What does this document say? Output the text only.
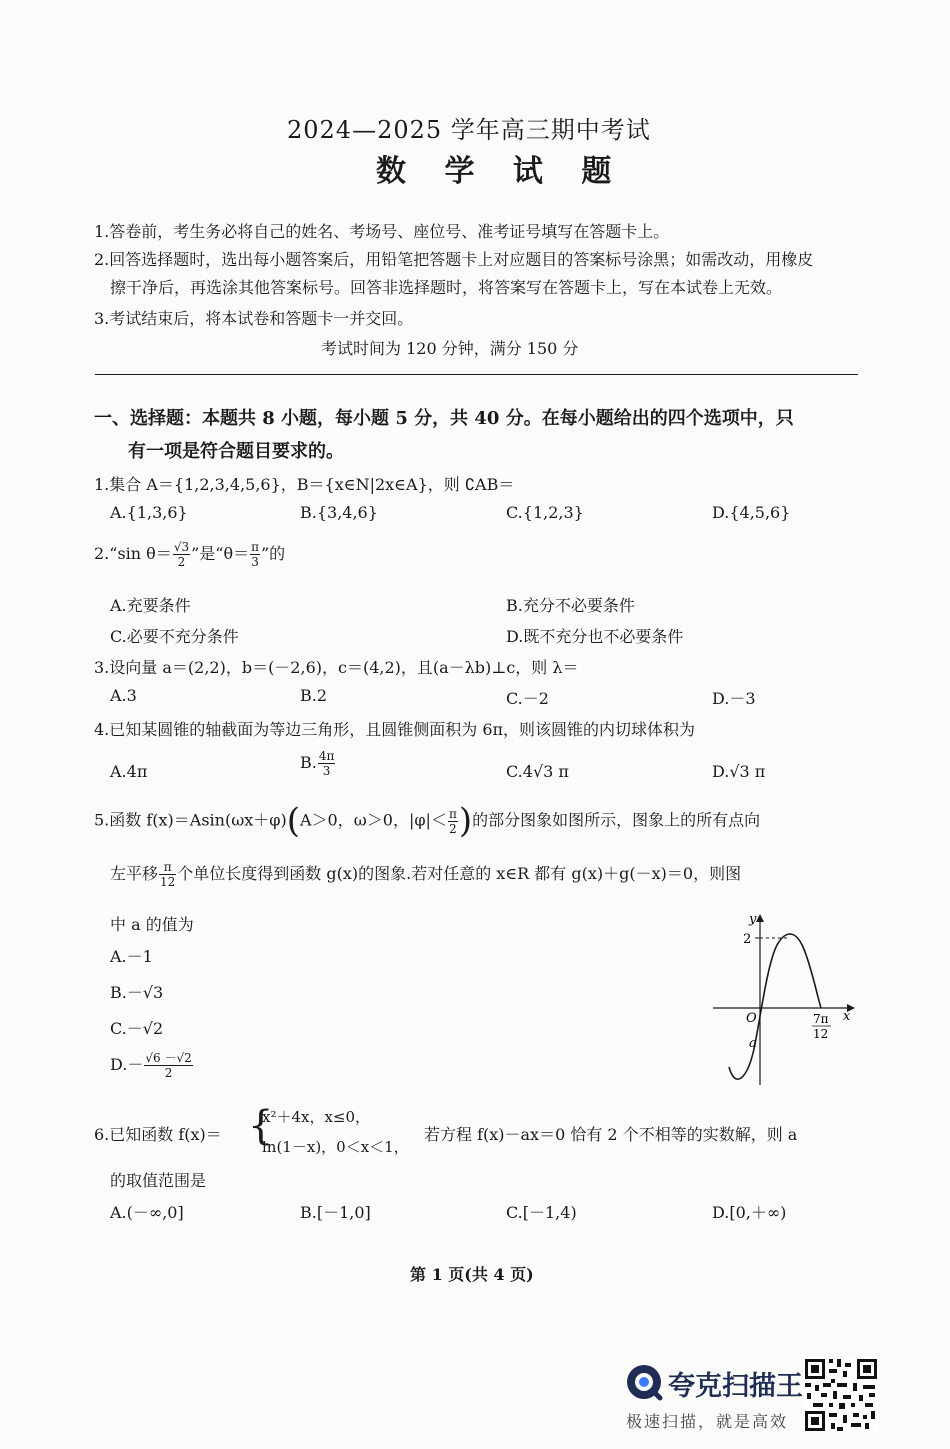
2024—2025 学年高三期中考试
数 学 试 题
1.答卷前，考生务必将自己的姓名、考场号、座位号、准考证号填写在答题卡上。
2.回答选择题时，选出每小题答案后，用铅笔把答题卡上对应题目的答案标号涂黑；如需改动，用橡皮
擦干净后，再选涂其他答案标号。回答非选择题时，将答案写在答题卡上，写在本试卷上无效。
3.考试结束后，将本试卷和答题卡一并交回。
考试时间为 120 分钟，满分 150 分
一、选择题：本题共 8 小题，每小题 5 分，共 40 分。在每小题给出的四个选项中，只
有一项是符合题目要求的。
1.集合 A＝{1,2,3,4,5,6}，B＝{x∈N|2x∈A}，则 ∁AB＝
A.{1,3,6}	B.{3,4,6}	C.{1,2,3}	D.{4,5,6}
2.“sin $\theta= \frac{√3}{2}$ ”是“$\theta= \frac{\pi}{3}$ ”的
A.充要条件	B.充分不必要条件
C.必要不充分条件	D.既不充分也不必要条件
3.设向量 a＝(2,2)，b＝(－2,6)，c＝(4,2)，且(a－λb)⊥c，则 λ＝
A.3	B.2	C.－2	D.－3
4.已知某圆锥的轴截面为等边三角形，且圆锥侧面积为 6π，则该圆锥的内切球体积为
A.4π	B. $\frac{4\pi}{3}$	C.4√3 π	D.√3 π
5.函数 f(x)＝Asin(ωx＋φ)(A＞0，ω＞0，$|\varphi|< \frac{\pi}{2}$ )的部分图象如图所示，图象上的所有点向
左平移 $\frac{\pi}{12}$ 个单位长度得到函数 g(x)的图象.若对任意的 x∈R 都有 g(x)＋g(－x)＝0，则图
中 a 的值为
A.－1
B.－√3
C.－√2
$D.- \frac{√6 -√2}{2}$
y
x
O
2
a
7π
12
6.已知函数 f(x)＝ {
x²＋4x，x≤0，
ln(1－x)，0＜x＜1，
若方程 f(x)－ax＝0 恰有 2 个不相等的实数解，则 a
的取值范围是
A.(－∞,0]	B.[－1,0]	C.[－1,4)	D.[0,＋∞)
第 1 页(共 4 页)
夸克扫描王
极速扫描，就是高效
